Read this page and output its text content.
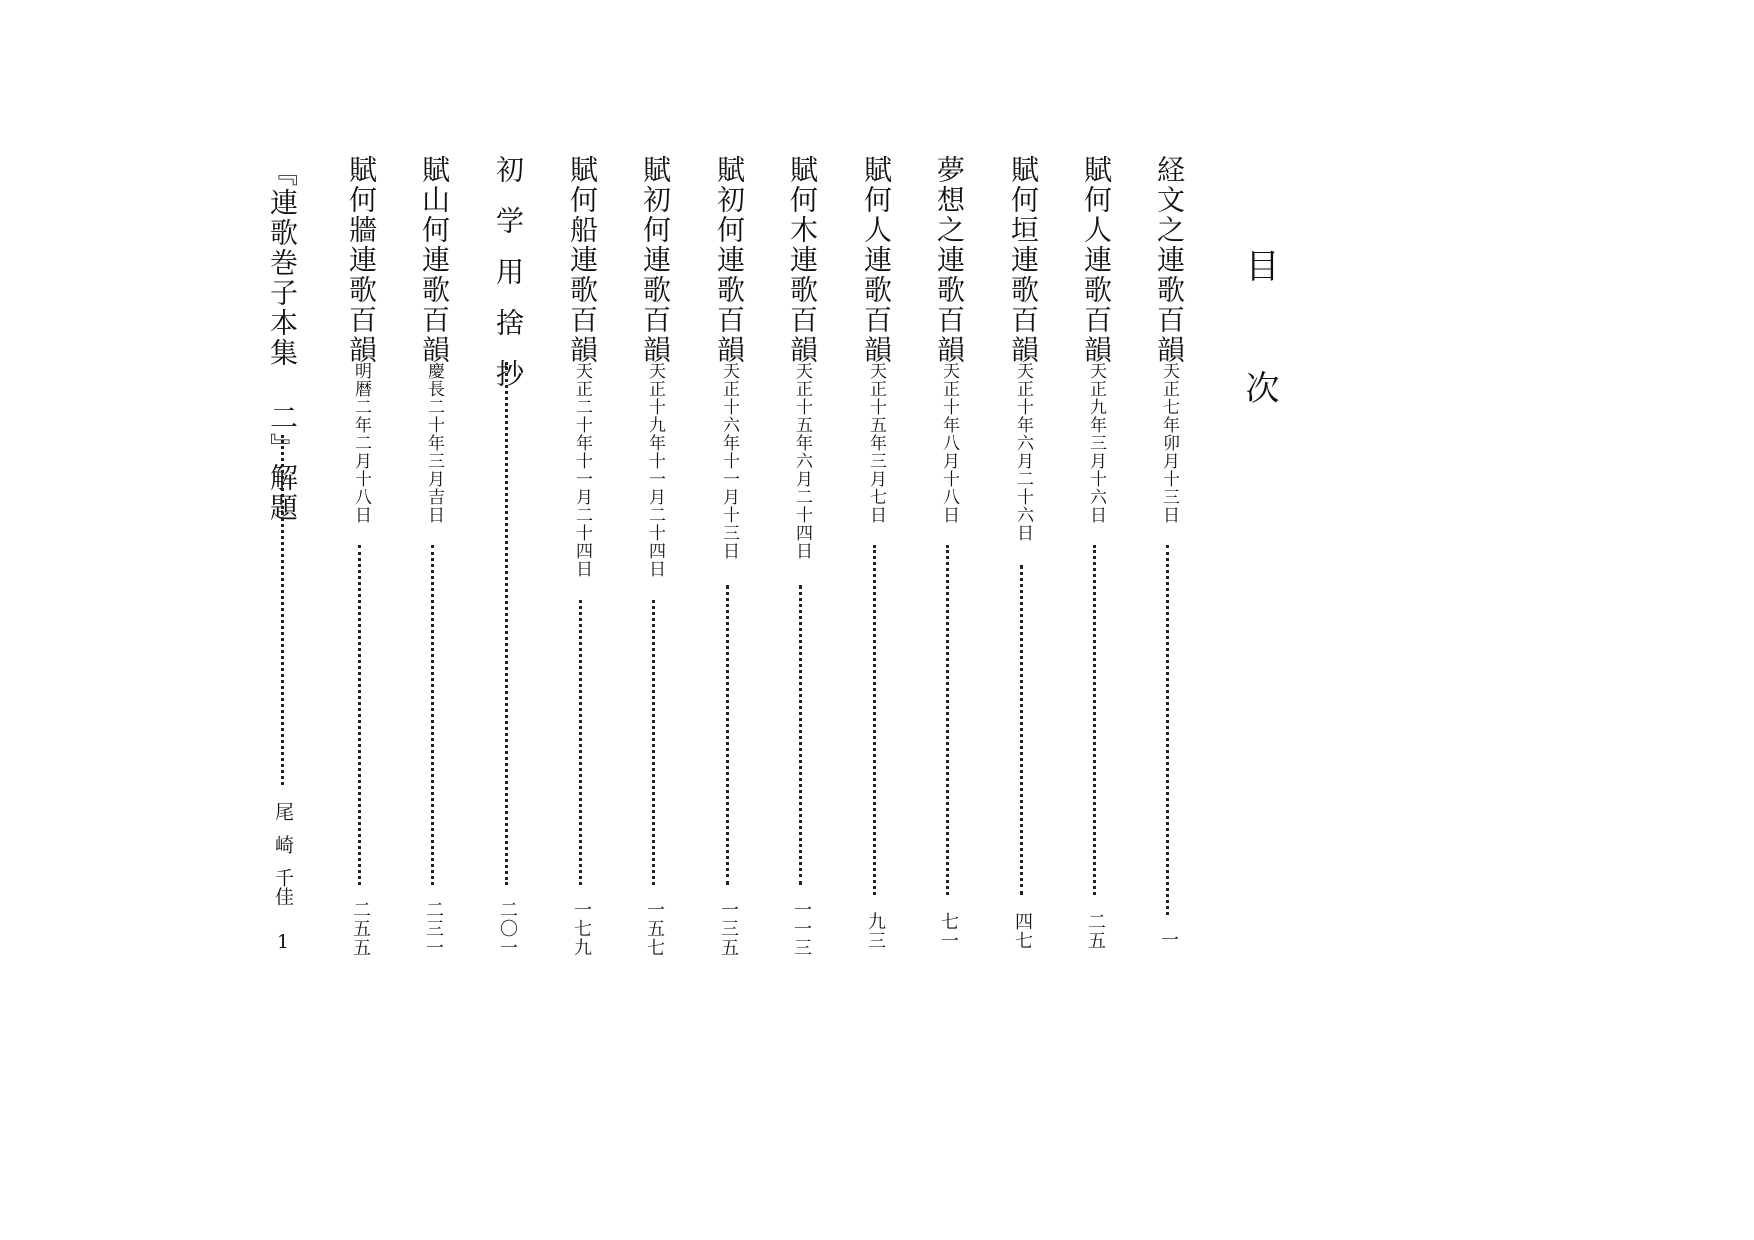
目次
経文之連歌百韻
天正七年卯月十三日
一
賦何人連歌百韻
天正九年三月十六日
二五
賦何垣連歌百韻
天正十年六月二十六日
四七
夢想之連歌百韻
天正十年八月十八日
七一
賦何人連歌百韻
天正十五年三月七日
九三
賦何木連歌百韻
天正十五年六月二十四日
一一三
賦初何連歌百韻
天正十六年十一月十三日
一三五
賦初何連歌百韻
天正十九年十一月二十四日
一五七
賦何船連歌百韻
天正二十年十一月二十四日
一七九
初学用捨抄
二〇一
賦山何連歌百韻
慶長二十年三月吉日
二三一
賦何牆連歌百韻
明暦二年二月十八日
二五五
『連歌巻子本集 二』解題
尾崎千佳
1
